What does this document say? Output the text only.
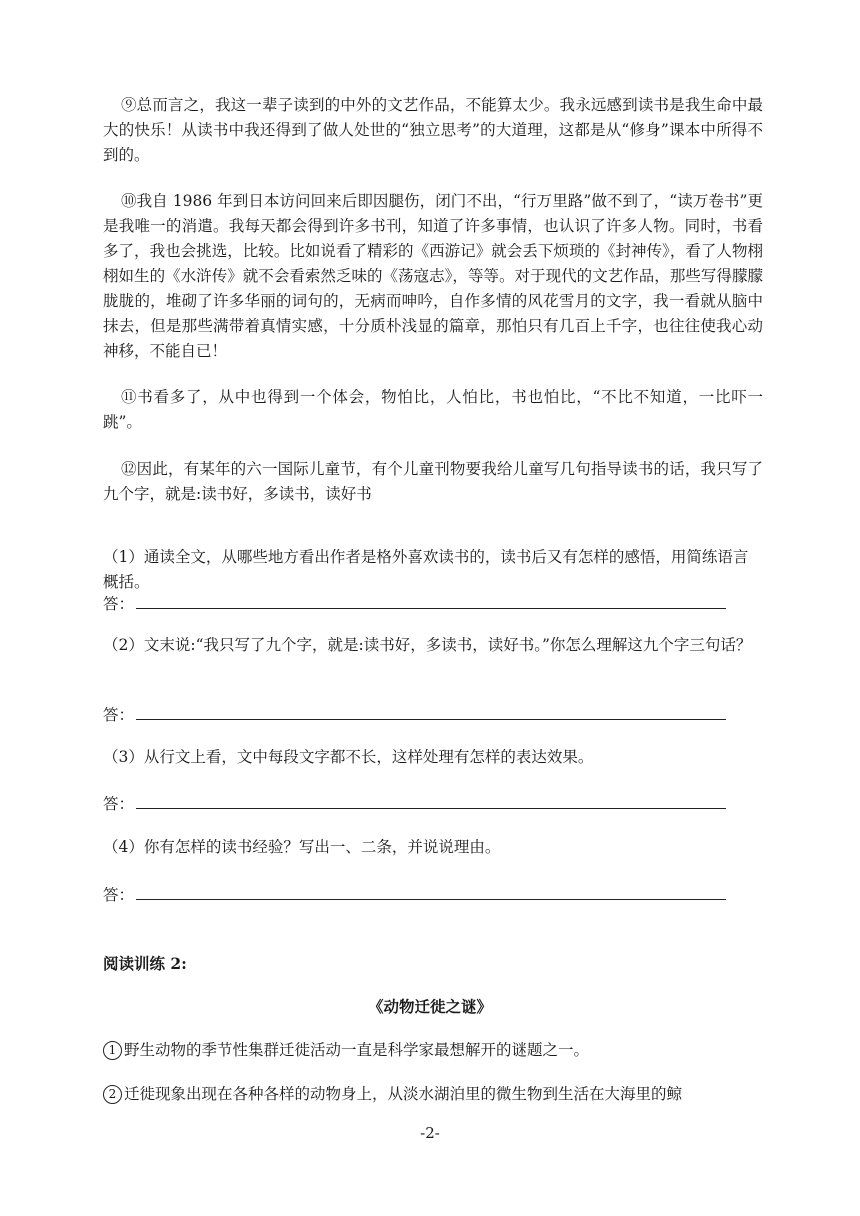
⑨总而言之，我这一辈子读到的中外的文艺作品，不能算太少。我永远感到读书是我生命中最大的快乐！从读书中我还得到了做人处世的“独立思考”的大道理，这都是从“修身”课本中所得不到的。

⑩我自 1986 年到日本访问回来后即因腿伤，闭门不出，“行万里路”做不到了，“读万卷书”更是我唯一的消遣。我每天都会得到许多书刊，知道了许多事情，也认识了许多人物。同时，书看多了，我也会挑选，比较。比如说看了精彩的《西游记》就会丢下烦琐的《封神传》，看了人物栩栩如生的《水浒传》就不会看索然乏味的《荡寇志》，等等。对于现代的文艺作品，那些写得朦朦胧胧的，堆砌了许多华丽的词句的，无病而呻吟，自作多情的风花雪月的文字，我一看就从脑中抹去，但是那些满带着真情实感，十分质朴浅显的篇章，那怕只有几百上千字，也往往使我心动神移，不能自已！

⑪书看多了，从中也得到一个体会，物怕比，人怕比，书也怕比，“不比不知道，一比吓一跳”。

⑫因此，有某年的六一国际儿童节，有个儿童刊物要我给儿童写几句指导读书的话，我只写了九个字，就是:读书好，多读书，读好书

（1）通读全文，从哪些地方看出作者是格外喜欢读书的，读书后又有怎样的感悟，用简练语言概括。

答：

（2）文末说:“我只写了九个字，就是:读书好，多读书，读好书。”你怎么理解这九个字三句话？

答：

（3）从行文上看，文中每段文字都不长，这样处理有怎样的表达效果。

答：

（4）你有怎样的读书经验？写出一、二条，并说说理由。

答：
阅读训练 2:
《动物迁徙之谜》

1 野生动物的季节性集群迁徙活动一直是科学家最想解开的谜题之一。

2 迁徙现象出现在各种各样的动物身上，从淡水湖泊里的微生物到生活在大海里的鲸

-2-
